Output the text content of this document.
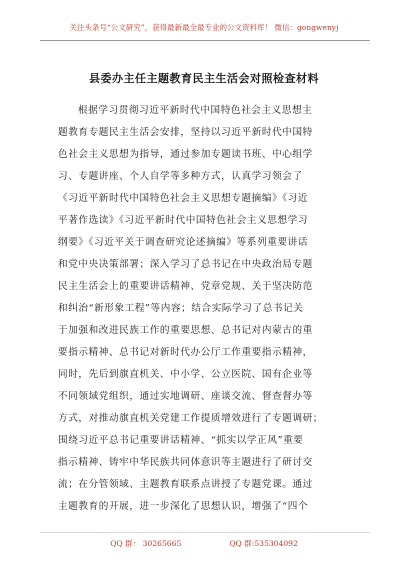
关注头条号“公文研究”，获得最新最全最专业的公文资料库！ 微信：gongwenyj
县委办主任主题教育民主生活会对照检查材料
根据学习贯彻习近平新时代中国特色社会主义思想主
题教育专题民主生活会安排，坚持以习近平新时代中国特
色社会主义思想为指导，通过参加专题读书班、中心组学
习、专题讲座、个人自学等多种方式，认真学习领会了
《习近平新时代中国特色社会主义思想专题摘编》《习近
平著作选读》《习近平新时代中国特色社会主义思想学习
纲要》《习近平关于调查研究论述摘编》等系列重要讲话
和党中央决策部署；深入学习了总书记在中央政治局专题
民主生活会上的重要讲话精神、党章党规、关于坚决防范
和纠治“新形象工程”等内容；结合实际学习了总书记关
于加强和改进民族工作的重要思想、总书记对内蒙古的重
要指示精神、总书记对新时代办公厅工作重要指示精神，
同时，先后到旗直机关、中小学、公立医院、国有企业等
不同领域党组织，通过实地调研、座谈交流、督查督办等
方式，对推动旗直机关党建工作提质增效进行了专题调研；
围绕习近平总书记重要讲话精神、“抓实以学正风”重要
指示精神、铸牢中华民族共同体意识等主题进行了研讨交
流；在分管领域、主题教育联系点讲授了专题党课。通过
主题教育的开展，进一步深化了思想认识，增强了“四个
QQ 群： 30265665	QQ 群:535304092
